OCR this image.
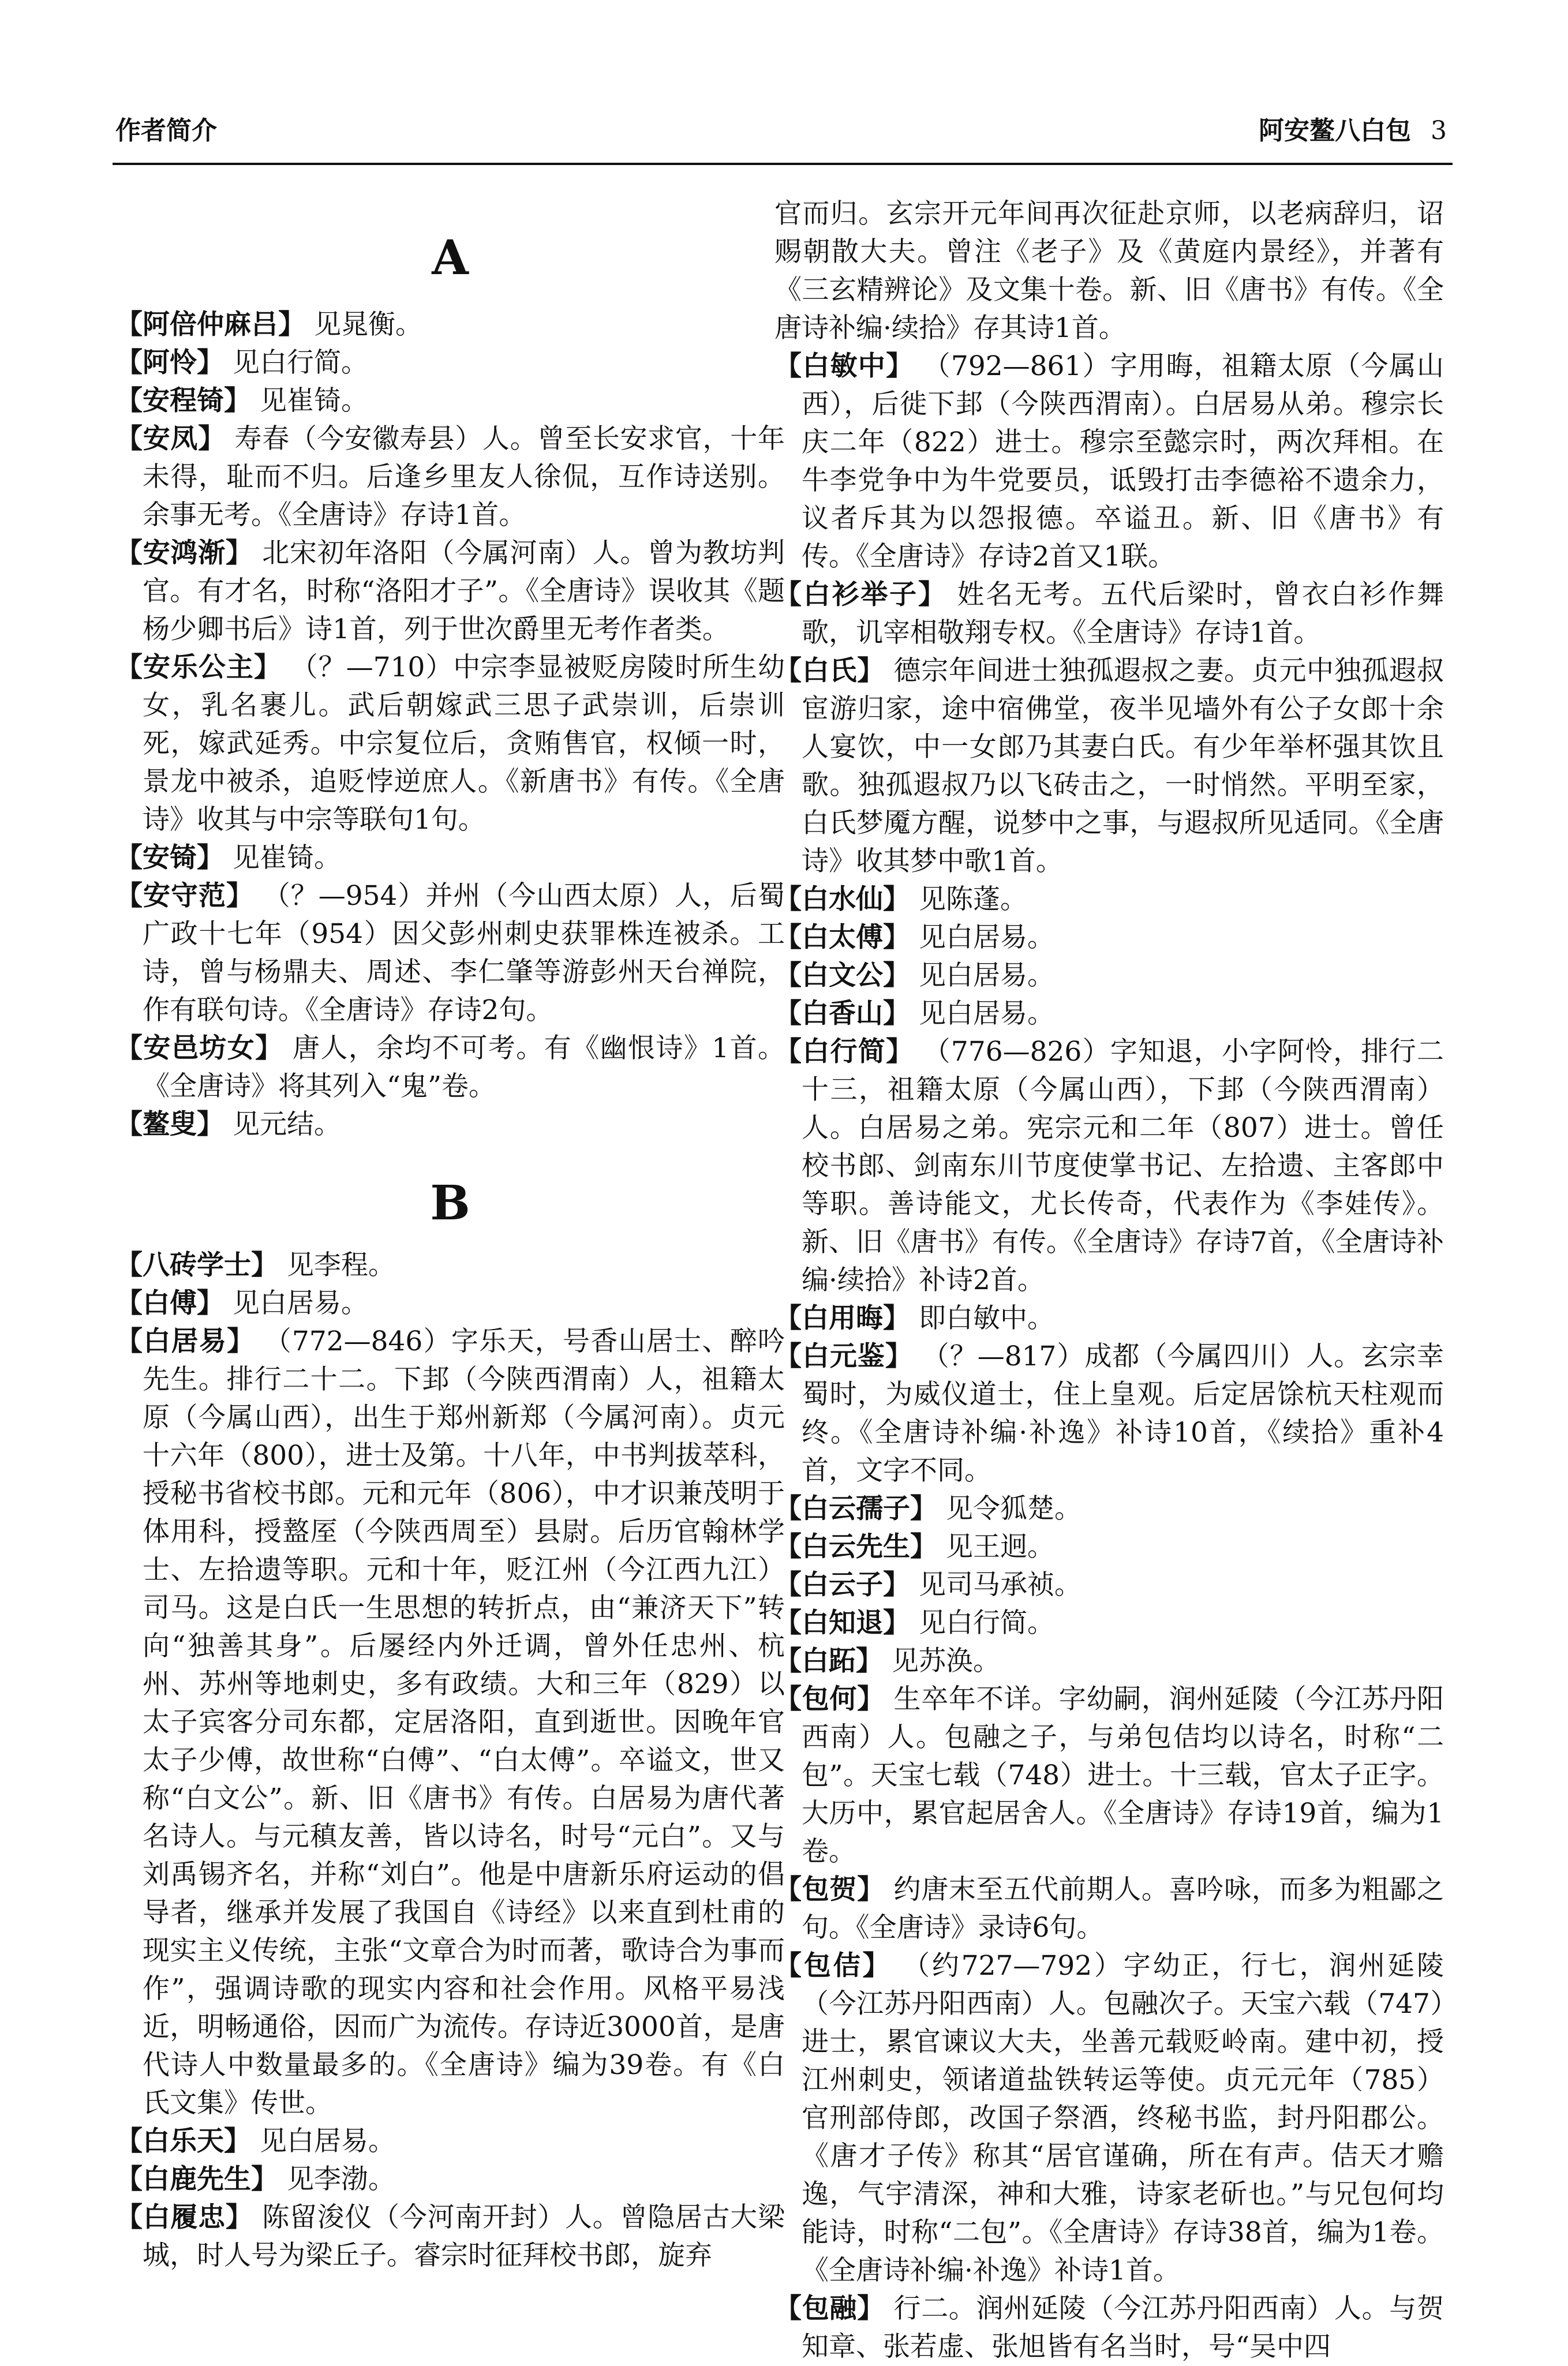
作者简介	阿安鳌八白包 3
A

【阿倍仲麻吕】 见晁衡。

【阿怜】 见白行简。

【安程锜】 见崔锜。

【安凤】 寿春（今安徽寿县）人。曾至长安求官，十年未得，耻而不归。后逢乡里友人徐侃，互作诗送别。余事无考。《全唐诗》存诗1首。

【安鸿渐】 北宋初年洛阳（今属河南）人。曾为教坊判官。有才名，时称“洛阳才子”。《全唐诗》误收其《题杨少卿书后》诗1首，列于世次爵里无考作者类。

【安乐公主】 （？—710）中宗李显被贬房陵时所生幼女，乳名裹儿。武后朝嫁武三思子武崇训，后崇训死，嫁武延秀。中宗复位后，贪贿售官，权倾一时，景龙中被杀，追贬悖逆庶人。《新唐书》有传。《全唐诗》收其与中宗等联句1句。

【安锜】 见崔锜。

【安守范】 （？—954）并州（今山西太原）人，后蜀广政十七年（954）因父彭州刺史获罪株连被杀。工诗，曾与杨鼎夫、周述、李仁肇等游彭州天台禅院，作有联句诗。《全唐诗》存诗2句。

【安邑坊女】 唐人，余均不可考。有《幽恨诗》1首。《全唐诗》将其列入“鬼”卷。

【鳌叟】 见元结。

B

【八砖学士】 见李程。

【白傅】 见白居易。

【白居易】 （772—846）字乐天，号香山居士、醉吟先生。排行二十二。下邽（今陕西渭南）人，祖籍太原（今属山西），出生于郑州新郑（今属河南）。贞元十六年（800），进士及第。十八年，中书判拔萃科，授秘书省校书郎。元和元年（806），中才识兼茂明于体用科，授盩厔（今陕西周至）县尉。后历官翰林学士、左拾遗等职。元和十年，贬江州（今江西九江）司马。这是白氏一生思想的转折点，由“兼济天下”转向“独善其身”。后屡经内外迁调，曾外任忠州、杭州、苏州等地刺史，多有政绩。大和三年（829）以太子宾客分司东都，定居洛阳，直到逝世。因晚年官太子少傅，故世称“白傅”、“白太傅”。卒谥文，世又称“白文公”。新、旧《唐书》有传。白居易为唐代著名诗人。与元稹友善，皆以诗名，时号“元白”。又与刘禹锡齐名，并称“刘白”。他是中唐新乐府运动的倡导者，继承并发展了我国自《诗经》以来直到杜甫的现实主义传统，主张“文章合为时而著，歌诗合为事而作”，强调诗歌的现实内容和社会作用。风格平易浅近，明畅通俗，因而广为流传。存诗近3000首，是唐代诗人中数量最多的。《全唐诗》编为39卷。有《白氏文集》传世。

【白乐天】 见白居易。

【白鹿先生】 见李渤。

【白履忠】 陈留浚仪（今河南开封）人。曾隐居古大梁城，时人号为梁丘子。睿宗时征拜校书郎，旋弃

官而归。玄宗开元年间再次征赴京师，以老病辞归，诏赐朝散大夫。曾注《老子》及《黄庭内景经》，并著有《三玄精辨论》及文集十卷。新、旧《唐书》有传。《全唐诗补编·续拾》存其诗1首。

【白敏中】 （792—861）字用晦，祖籍太原（今属山西），后徙下邽（今陕西渭南）。白居易从弟。穆宗长庆二年（822）进士。穆宗至懿宗时，两次拜相。在牛李党争中为牛党要员，诋毁打击李德裕不遗余力，议者斥其为以怨报德。卒谥丑。新、旧《唐书》有传。《全唐诗》存诗2首又1联。

【白衫举子】 姓名无考。五代后梁时，曾衣白衫作舞歌，讥宰相敬翔专权。《全唐诗》存诗1首。

【白氏】 德宗年间进士独孤遐叔之妻。贞元中独孤遐叔宦游归家，途中宿佛堂，夜半见墙外有公子女郎十余人宴饮，中一女郎乃其妻白氏。有少年举杯强其饮且歌。独孤遐叔乃以飞砖击之，一时悄然。平明至家，白氏梦魇方醒，说梦中之事，与遐叔所见适同。《全唐诗》收其梦中歌1首。

【白水仙】 见陈蓬。

【白太傅】 见白居易。

【白文公】 见白居易。

【白香山】 见白居易。

【白行简】 （776—826）字知退，小字阿怜，排行二十三，祖籍太原（今属山西），下邽（今陕西渭南）人。白居易之弟。宪宗元和二年（807）进士。曾任校书郎、剑南东川节度使掌书记、左拾遗、主客郎中等职。善诗能文，尤长传奇，代表作为《李娃传》。新、旧《唐书》有传。《全唐诗》存诗7首，《全唐诗补编·续拾》补诗2首。

【白用晦】 即白敏中。

【白元鉴】 （？—817）成都（今属四川）人。玄宗幸蜀时，为威仪道士，住上皇观。后定居馀杭天柱观而终。《全唐诗补编·补逸》补诗10首，《续拾》重补4首，文字不同。

【白云孺子】 见令狐楚。

【白云先生】 见王迥。

【白云子】 见司马承祯。

【白知退】 见白行简。

【白跖】 见苏涣。

【包何】 生卒年不详。字幼嗣，润州延陵（今江苏丹阳西南）人。包融之子，与弟包佶均以诗名，时称“二包”。天宝七载（748）进士。十三载，官太子正字。大历中，累官起居舍人。《全唐诗》存诗19首，编为1卷。

【包贺】 约唐末至五代前期人。喜吟咏，而多为粗鄙之句。《全唐诗》录诗6句。

【包佶】 （约727—792）字幼正，行七，润州延陵（今江苏丹阳西南）人。包融次子。天宝六载（747）进士，累官谏议大夫，坐善元载贬岭南。建中初，授江州刺史，领诸道盐铁转运等使。贞元元年（785）官刑部侍郎，改国子祭酒，终秘书监，封丹阳郡公。《唐才子传》称其“居官谨确，所在有声。佶天才赡逸，气宇清深，神和大雅，诗家老斫也。”与兄包何均能诗，时称“二包”。《全唐诗》存诗38首，编为1卷。《全唐诗补编·补逸》补诗1首。

【包融】 行二。润州延陵（今江苏丹阳西南）人。与贺知章、张若虚、张旭皆有名当时，号“吴中四
